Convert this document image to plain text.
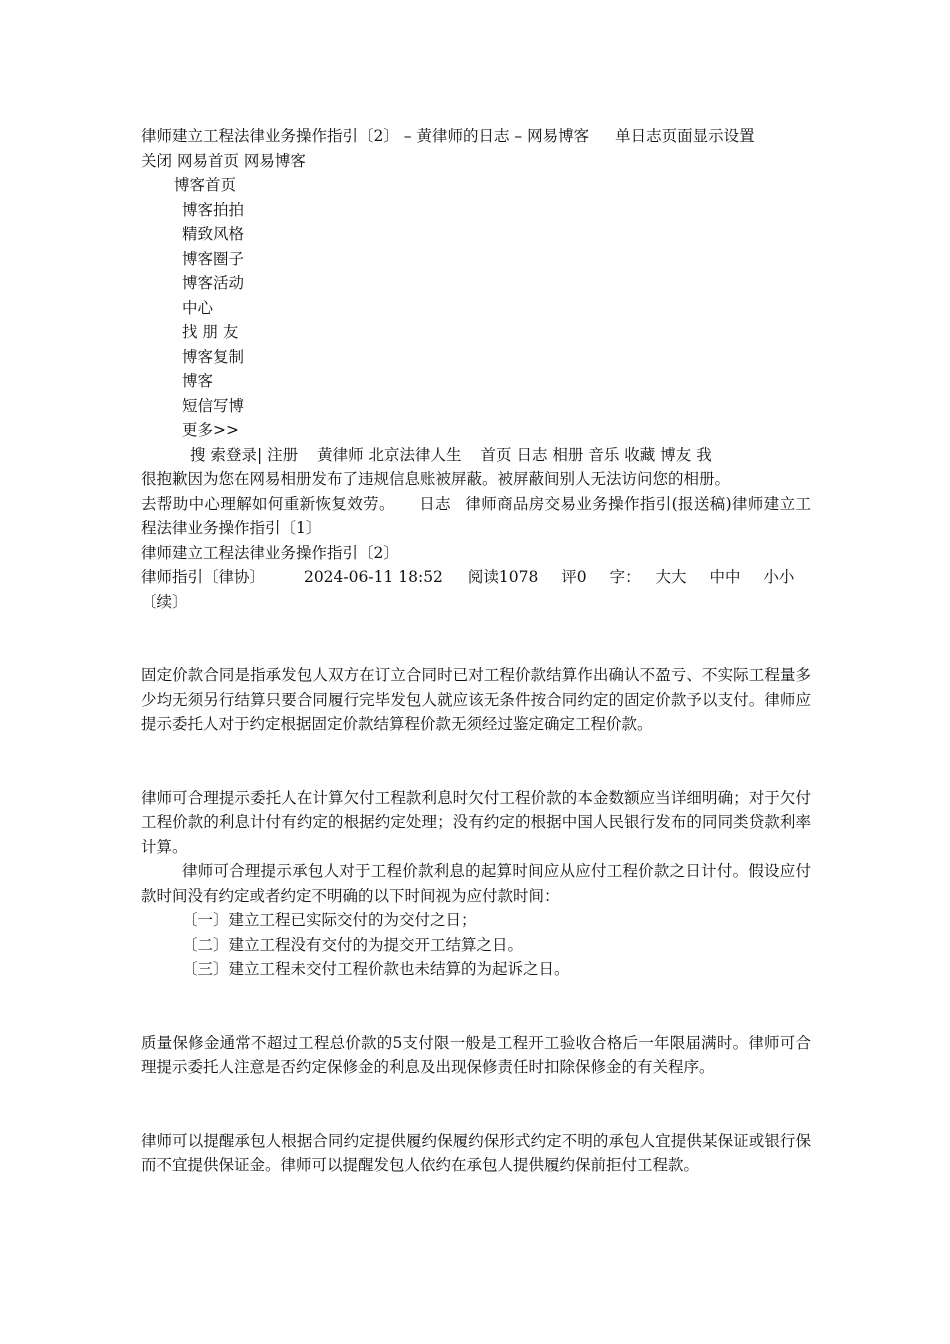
律师建立工程法律业务操作指引〔2〕 – 黄律师的日志 – 网易博客 单日志页面显示设置
关闭 网易首页 网易博客
博客首页
博客拍拍
精致风格
博客圈子
博客活动
中心
找 朋 友
博客复制
博客
短信写博
更多>>
搜 索登录| 注册 黄律师 北京法律人生 首页 日志 相册 音乐 收藏 博友 我
很抱歉因为您在网易相册发布了违规信息账被屏蔽。被屏蔽间别人无法访问您的相册。
去帮助中心理解如何重新恢复效劳。 日志 律师商品房交易业务操作指引(报送稿)律师建立工程法律业务操作指引〔1〕
律师建立工程法律业务操作指引〔2〕
律师指引〔律协〕	2024-06-11 18:52 阅读1078 评0 字： 大大 中中 小小
〔续〕
固定价款合同是指承发包人双方在订立合同时已对工程价款结算作出确认不盈亏、不实际工程量多少均无须另行结算只要合同履行完毕发包人就应该无条件按合同约定的固定价款予以支付。律师应提示委托人对于约定根据固定价款结算程价款无须经过鉴定确定工程价款。
律师可合理提示委托人在计算欠付工程款利息时欠付工程价款的本金数额应当详细明确；对于欠付工程价款的利息计付有约定的根据约定处理；没有约定的根据中国人民银行发布的同同类贷款利率计算。
律师可合理提示承包人对于工程价款利息的起算时间应从应付工程价款之日计付。假设应付款时间没有约定或者约定不明确的以下时间视为应付款时间：
〔一〕建立工程已实际交付的为交付之日；
〔二〕建立工程没有交付的为提交开工结算之日。
〔三〕建立工程未交付工程价款也未结算的为起诉之日。
质量保修金通常不超过工程总价款的5支付限一般是工程开工验收合格后一年限届满时。律师可合理提示委托人注意是否约定保修金的利息及出现保修责任时扣除保修金的有关程序。
律师可以提醒承包人根据合同约定提供履约保履约保形式约定不明的承包人宜提供某保证或银行保而不宜提供保证金。律师可以提醒发包人依约在承包人提供履约保前拒付工程款。
